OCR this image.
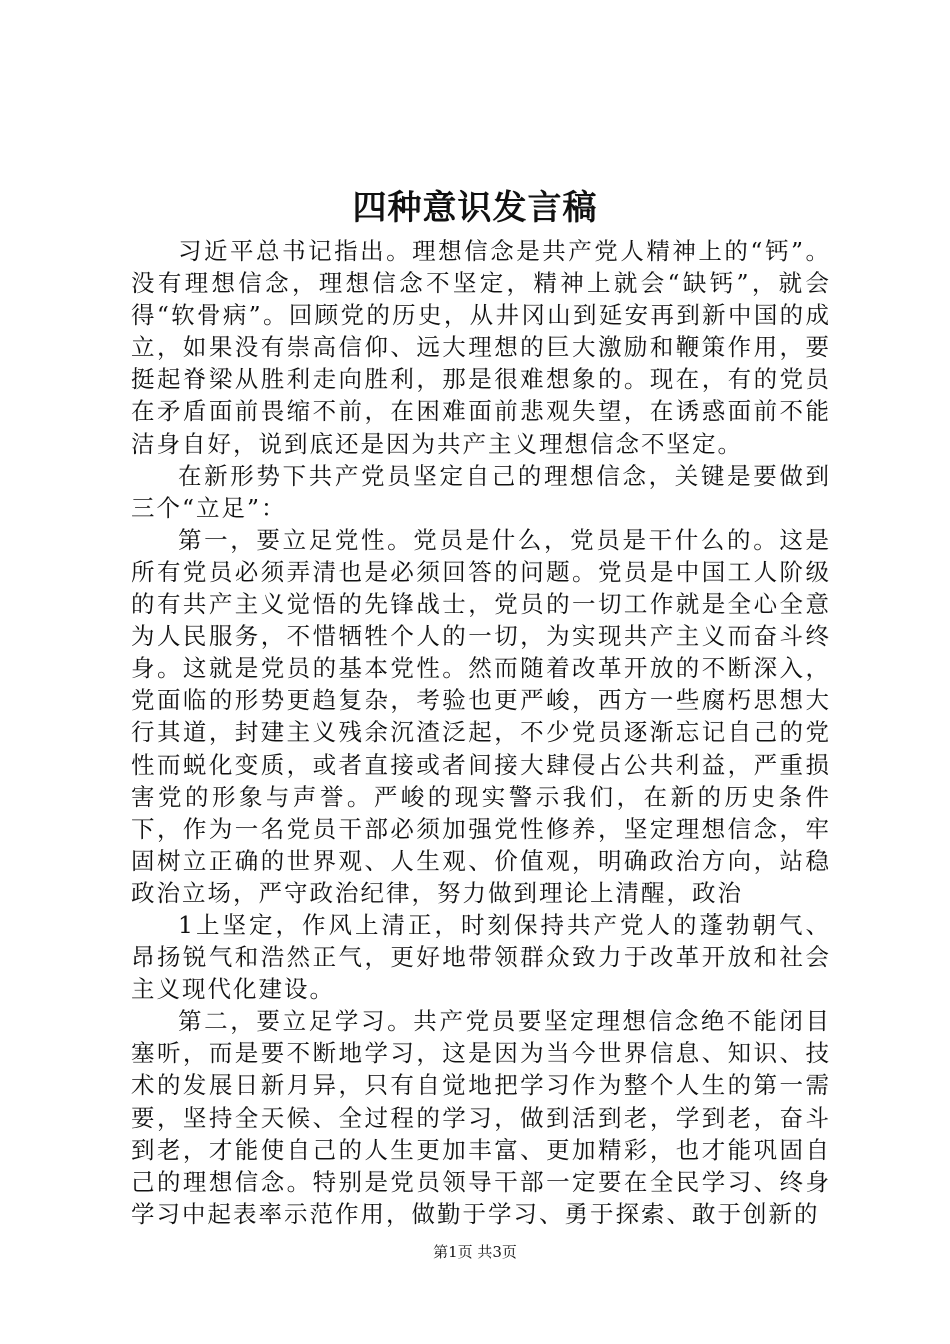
四种意识发言稿

习近平总书记指出。理想信念是共产党人精神上的“钙”。没有理想信念，理想信念不坚定，精神上就会“缺钙”，就会得“软骨病”。回顾党的历史，从井冈山到延安再到新中国的成立，如果没有崇高信仰、远大理想的巨大激励和鞭策作用，要挺起脊梁从胜利走向胜利，那是很难想象的。现在，有的党员在矛盾面前畏缩不前，在困难面前悲观失望，在诱惑面前不能洁身自好，说到底还是因为共产主义理想信念不坚定。

在新形势下共产党员坚定自己的理想信念，关键是要做到三个“立足”：

第一，要立足党性。党员是什么，党员是干什么的。这是所有党员必须弄清也是必须回答的问题。党员是中国工人阶级的有共产主义觉悟的先锋战士，党员的一切工作就是全心全意为人民服务，不惜牺牲个人的一切，为实现共产主义而奋斗终身。这就是党员的基本党性。然而随着改革开放的不断深入，党面临的形势更趋复杂，考验也更严峻，西方一些腐朽思想大行其道，封建主义残余沉渣泛起，不少党员逐渐忘记自己的党性而蜕化变质，或者直接或者间接大肆侵占公共利益，严重损害党的形象与声誉。严峻的现实警示我们，在新的历史条件下，作为一名党员干部必须加强党性修养，坚定理想信念，牢固树立正确的世界观、人生观、价值观，明确政治方向，站稳政治立场，严守政治纪律，努力做到理论上清醒，政治

1上坚定，作风上清正，时刻保持共产党人的蓬勃朝气、昂扬锐气和浩然正气，更好地带领群众致力于改革开放和社会主义现代化建设。

第二，要立足学习。共产党员要坚定理想信念绝不能闭目塞听，而是要不断地学习，这是因为当今世界信息、知识、技术的发展日新月异，只有自觉地把学习作为整个人生的第一需要，坚持全天候、全过程的学习，做到活到老，学到老，奋斗到老，才能使自己的人生更加丰富、更加精彩，也才能巩固自己的理想信念。特别是党员领导干部一定要在全民学习、终身学习中起表率示范作用，做勤于学习、勇于探索、敢于创新的

第1页 共3页
